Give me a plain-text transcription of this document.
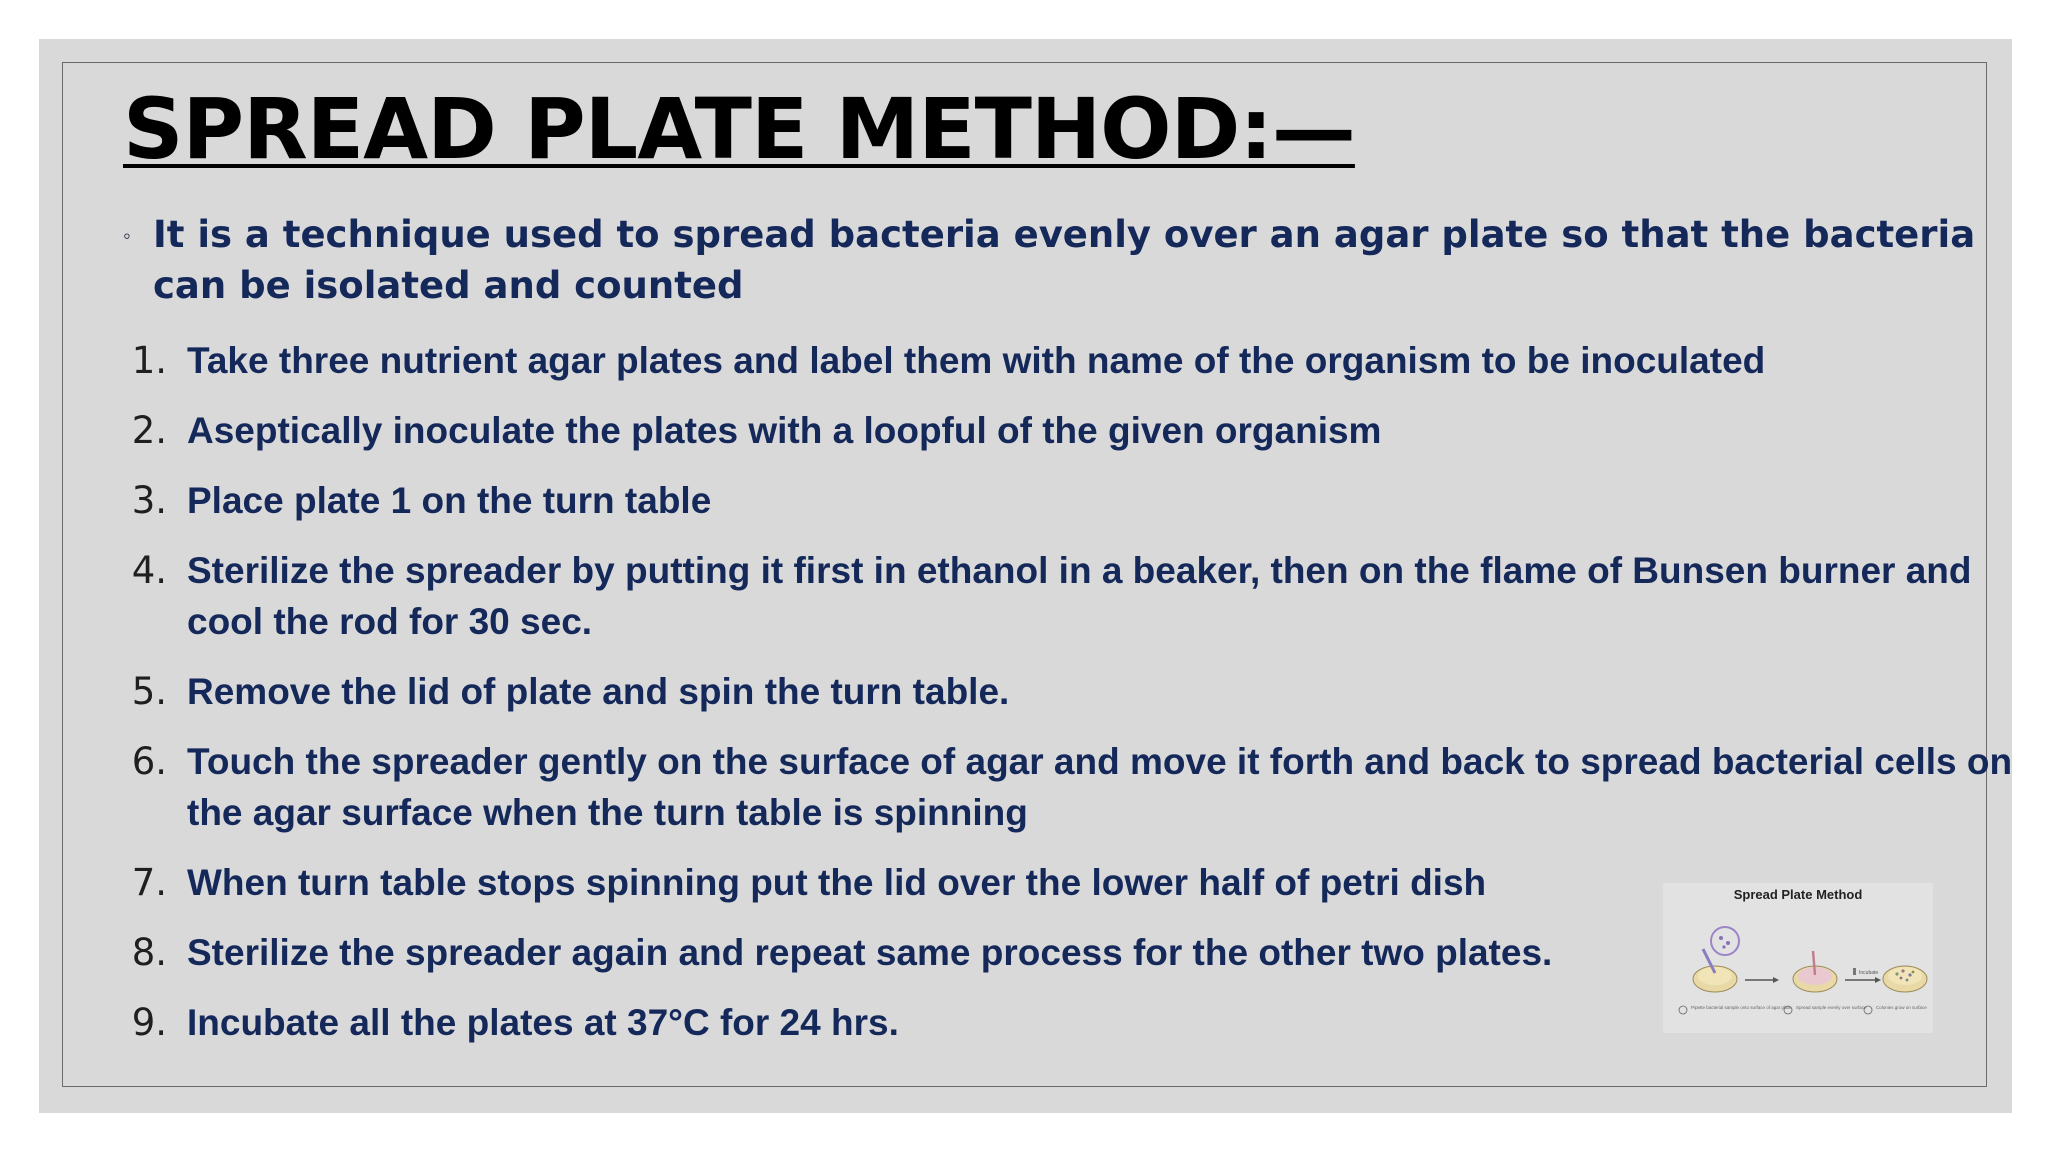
SPREAD PLATE METHOD:—
◦ It is a technique used to spread bacteria evenly over an agar plate so that the bacteria can be isolated and counted
1. Take three nutrient agar plates and label them with name of the organism to be inoculated
2. Aseptically inoculate the plates with a loopful of the given organism
3. Place plate 1 on the turn table
4. Sterilize the spreader by putting it first in ethanol in a beaker, then on the flame of Bunsen burner and cool the rod for 30 sec.
5. Remove the lid of plate and spin the turn table.
6. Touch the spreader gently on the surface of agar and move it forth and back to spread bacterial cells on the agar surface when the turn table is spinning
7. When turn table stops spinning put the lid over the lower half of petri dish
8. Sterilize the spreader again and repeat same process for the other two plates.
9. Incubate all the plates at 37°C for 24 hrs.
Spread Plate Method
Incubate
Pipette bacterial sample onto surface of agar plate Spread sample evenly over surface Colonies grow on surface
